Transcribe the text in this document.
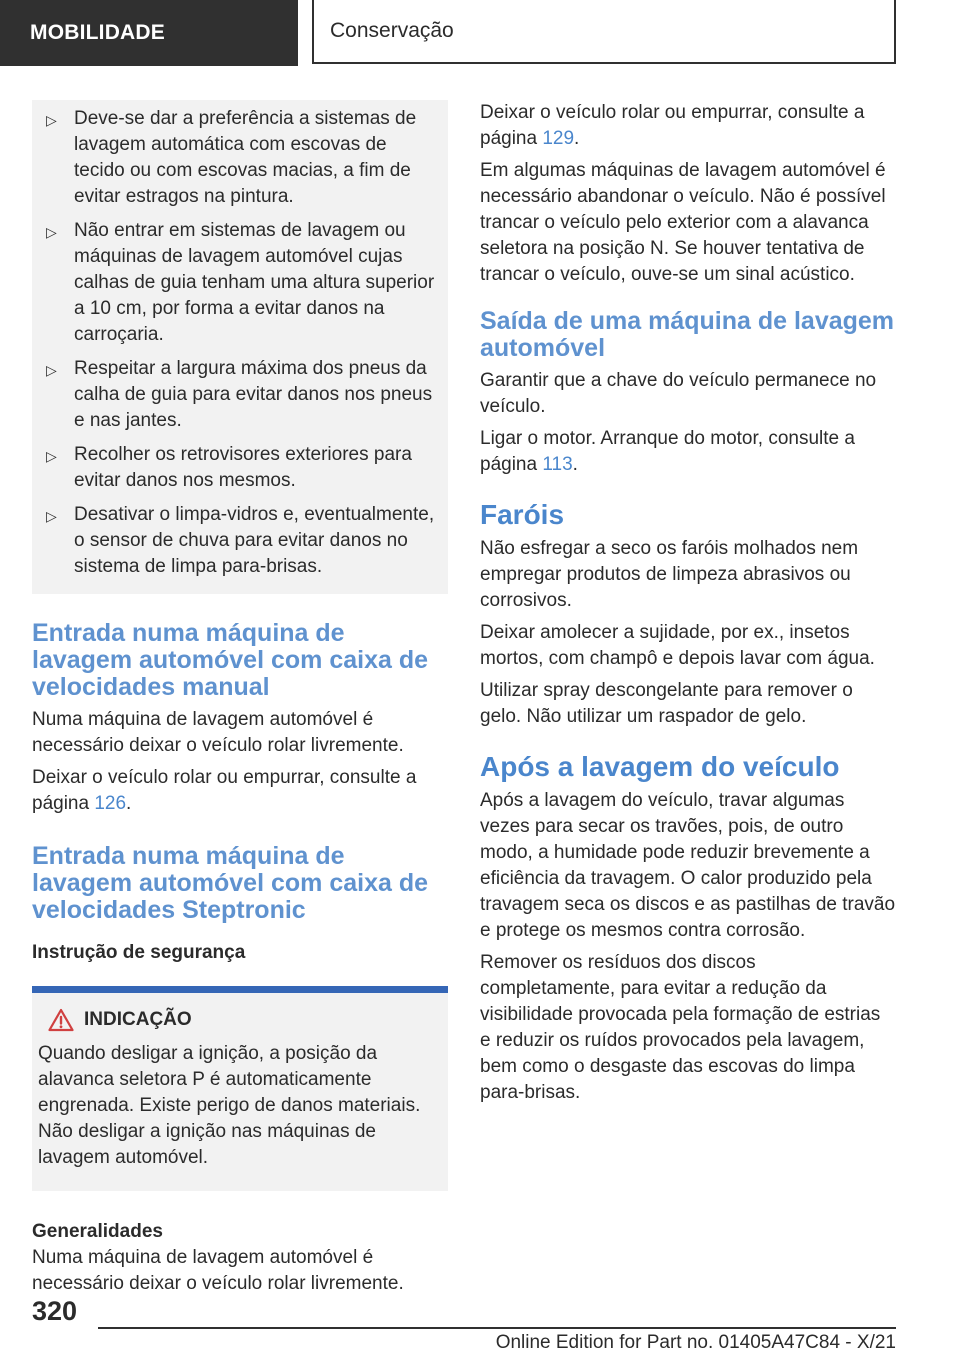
MOBILIDADE	Conservação
▷ Deve-se dar a preferência a sistemas de lavagem automática com escovas de tecido ou com escovas macias, a fim de evitar estragos na pintura.
▷ Não entrar em sistemas de lavagem ou máquinas de lavagem automóvel cujas calhas de guia tenham uma altura superior a 10 cm, por forma a evitar danos na carroçaria.
▷ Respeitar a largura máxima dos pneus da calha de guia para evitar danos nos pneus e nas jantes.
▷ Recolher os retrovisores exteriores para evitar danos nos mesmos.
▷ Desativar o limpa-vidros e, eventualmente, o sensor de chuva para evitar danos no sistema de limpa para-brisas.
Entrada numa máquina de lavagem automóvel com caixa de velocidades manual

Numa máquina de lavagem automóvel é necessário deixar o veículo rolar livremente.

Deixar o veículo rolar ou empurrar, consulte a página 126.

Entrada numa máquina de lavagem automóvel com caixa de velocidades Steptronic
Instrução de segurança
INDICAÇÃO
Quando desligar a ignição, a posição da alavanca seletora P é automaticamente engrenada. Existe perigo de danos materiais. Não desligar a ignição nas máquinas de lavagem automóvel.
Generalidades

Numa máquina de lavagem automóvel é necessário deixar o veículo rolar livremente.

Deixar o veículo rolar ou empurrar, consulte a página 129.

Em algumas máquinas de lavagem automóvel é necessário abandonar o veículo. Não é possível trancar o veículo pelo exterior com a alavanca seletora na posição N. Se houver tentativa de trancar o veículo, ouve-se um sinal acústico.

Saída de uma máquina de lavagem automóvel

Garantir que a chave do veículo permanece no veículo.

Ligar o motor. Arranque do motor, consulte a página 113.

Faróis

Não esfregar a seco os faróis molhados nem empregar produtos de limpeza abrasivos ou corrosivos.

Deixar amolecer a sujidade, por ex., insetos mortos, com champô e depois lavar com água.

Utilizar spray descongelante para remover o gelo. Não utilizar um raspador de gelo.

Após a lavagem do veículo

Após a lavagem do veículo, travar algumas vezes para secar os travões, pois, de outro modo, a humidade pode reduzir brevemente a eficiência da travagem. O calor produzido pela travagem seca os discos e as pastilhas de travão e protege os mesmos contra corrosão.

Remover os resíduos dos discos completamente, para evitar a redução da visibilidade provocada pela formação de estrias e reduzir os ruídos provocados pela lavagem, bem como o desgaste das escovas do limpa para-brisas.

320
Online Edition for Part no. 01405A47C84 - X/21
